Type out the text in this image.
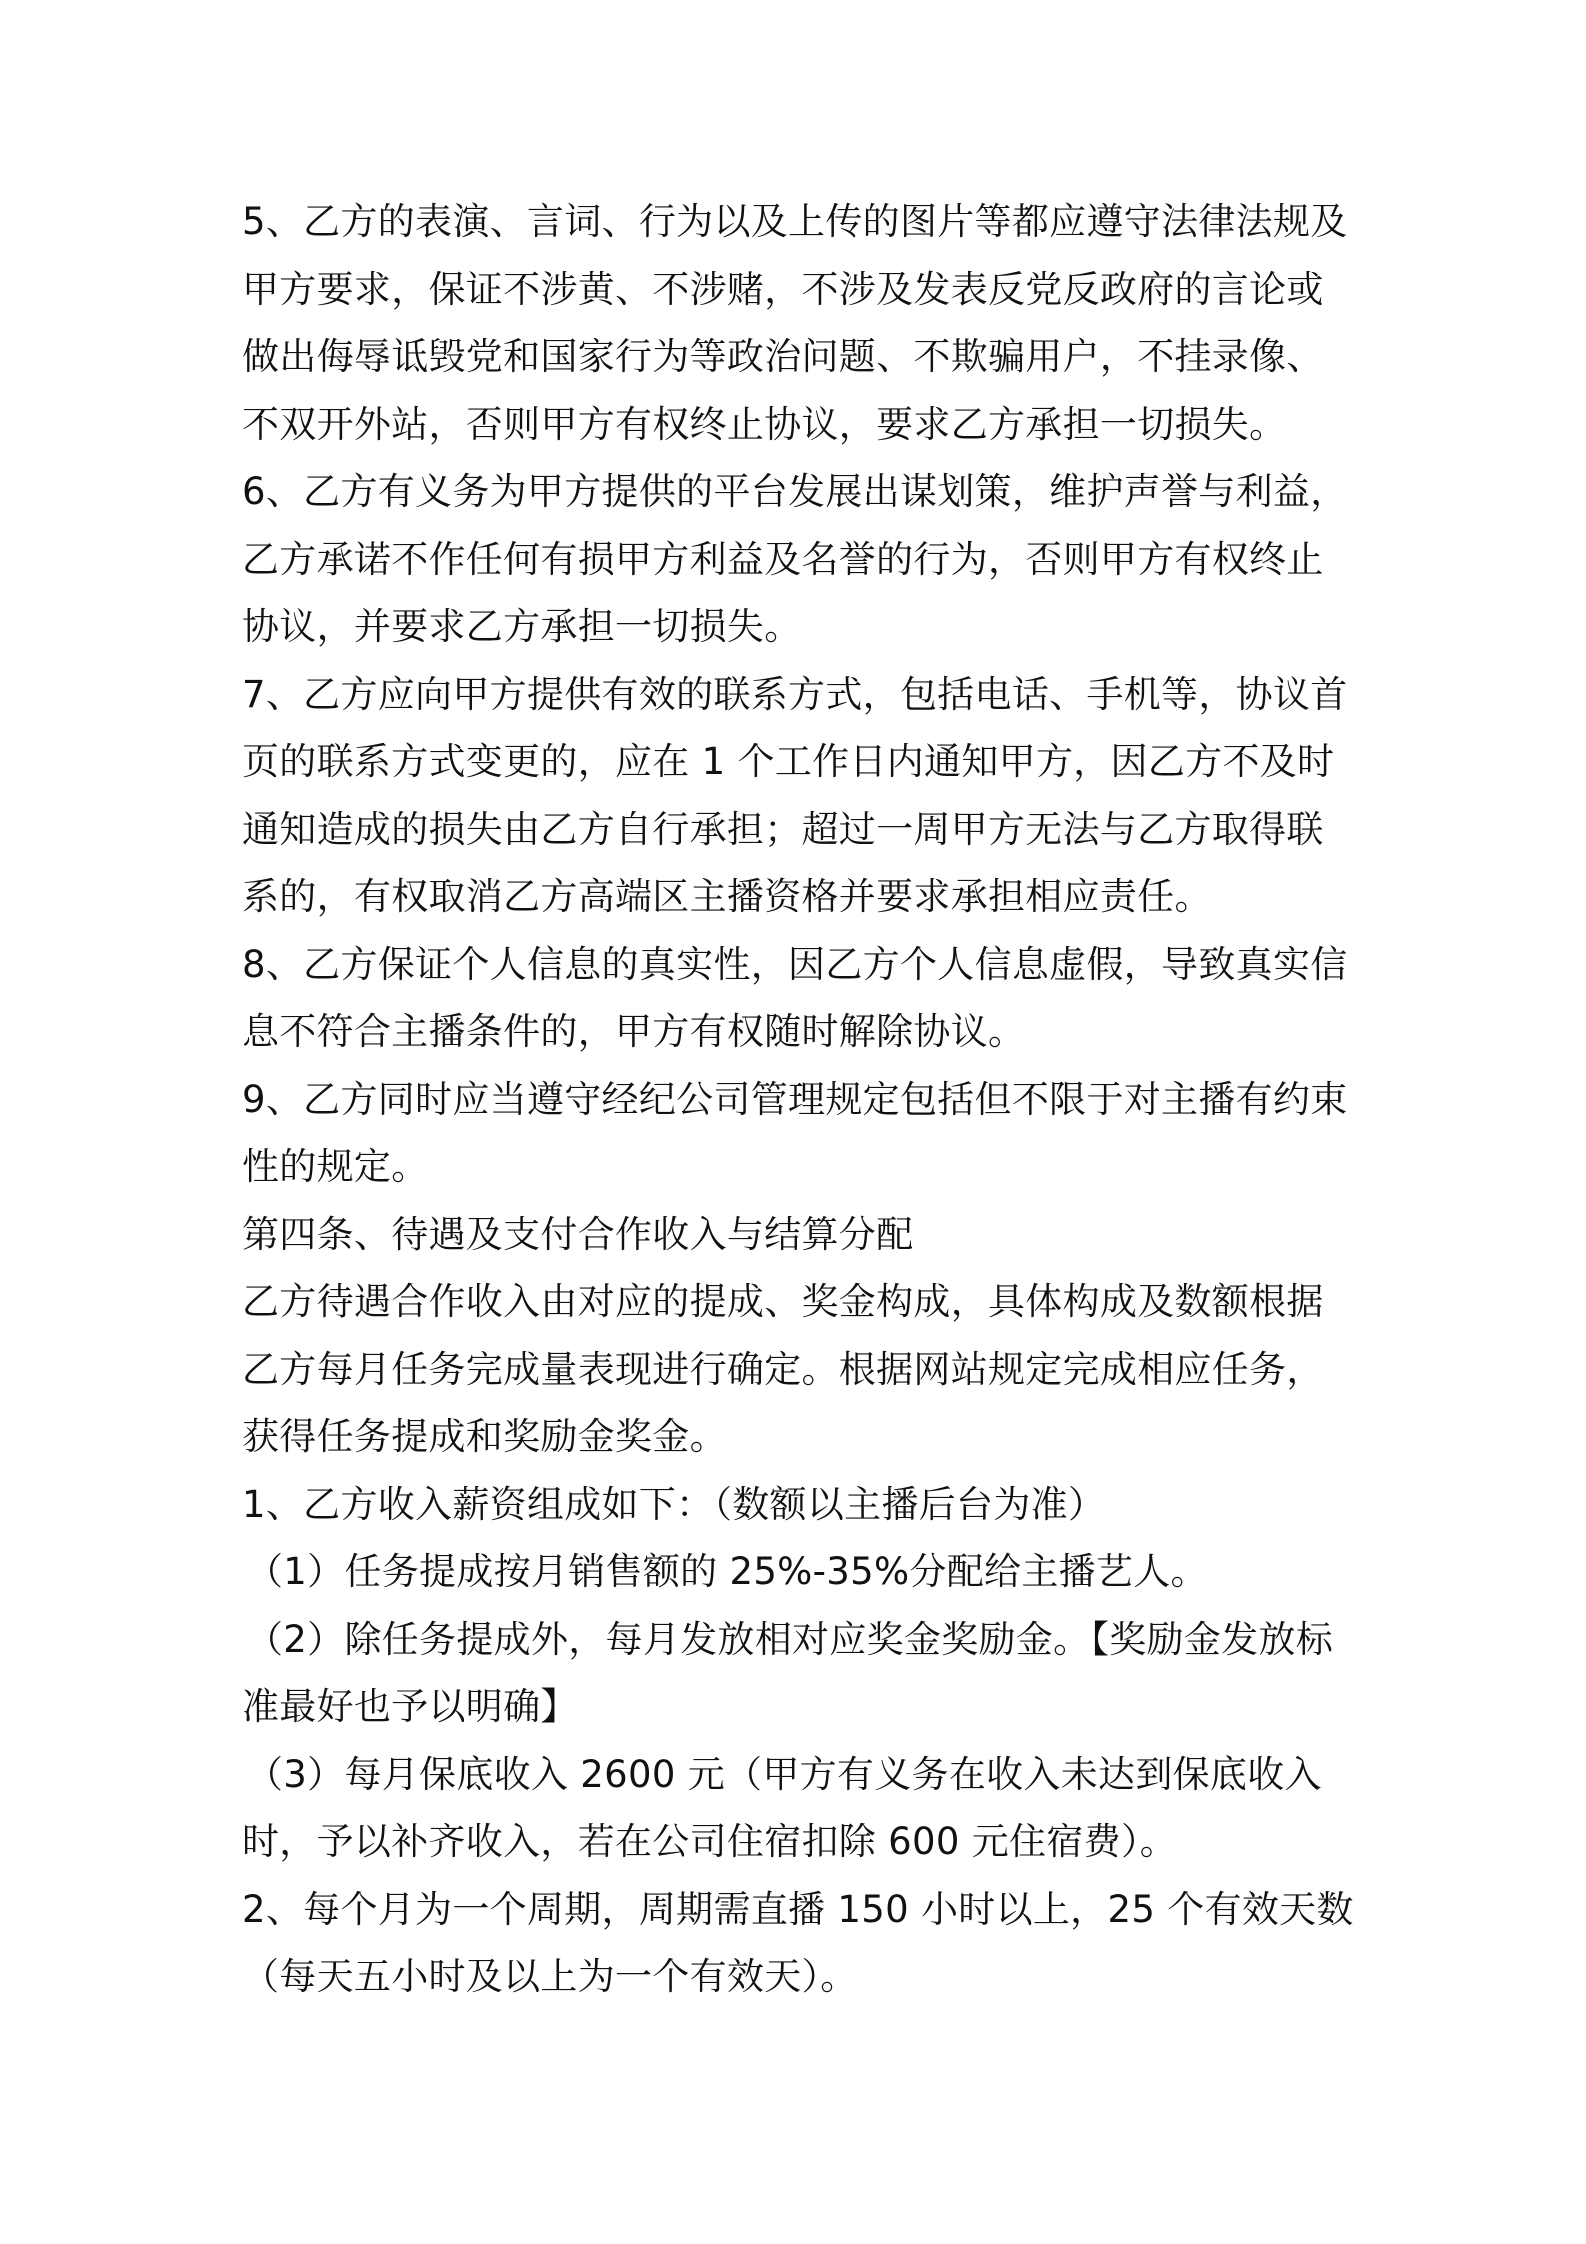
5、乙方的表演、言词、行为以及上传的图片等都应遵守法律法规及
甲方要求，保证不涉黄、不涉赌，不涉及发表反党反政府的言论或
做出侮辱诋毁党和国家行为等政治问题、不欺骗用户，不挂录像、
不双开外站，否则甲方有权终止协议，要求乙方承担一切损失。
6、乙方有义务为甲方提供的平台发展出谋划策，维护声誉与利益，
乙方承诺不作任何有损甲方利益及名誉的行为，否则甲方有权终止
协议，并要求乙方承担一切损失。
7、乙方应向甲方提供有效的联系方式，包括电话、手机等，协议首
页的联系方式变更的，应在 1 个工作日内通知甲方，因乙方不及时
通知造成的损失由乙方自行承担；超过一周甲方无法与乙方取得联
系的，有权取消乙方高端区主播资格并要求承担相应责任。
8、乙方保证个人信息的真实性，因乙方个人信息虚假，导致真实信
息不符合主播条件的，甲方有权随时解除协议。
9、乙方同时应当遵守经纪公司管理规定包括但不限于对主播有约束
性的规定。
第四条、待遇及支付合作收入与结算分配
乙方待遇合作收入由对应的提成、奖金构成，具体构成及数额根据
乙方每月任务完成量表现进行确定。根据网站规定完成相应任务，
获得任务提成和奖励金奖金。
1、乙方收入薪资组成如下：（数额以主播后台为准）
（1）任务提成按月销售额的 25%-35%分配给主播艺人。
（2）除任务提成外，每月发放相对应奖金奖励金。【奖励金发放标
准最好也予以明确】
（3）每月保底收入 2600 元（甲方有义务在收入未达到保底收入
时，予以补齐收入，若在公司住宿扣除 600 元住宿费）。
2、每个月为一个周期，周期需直播 150 小时以上，25 个有效天数
（每天五小时及以上为一个有效天）。
